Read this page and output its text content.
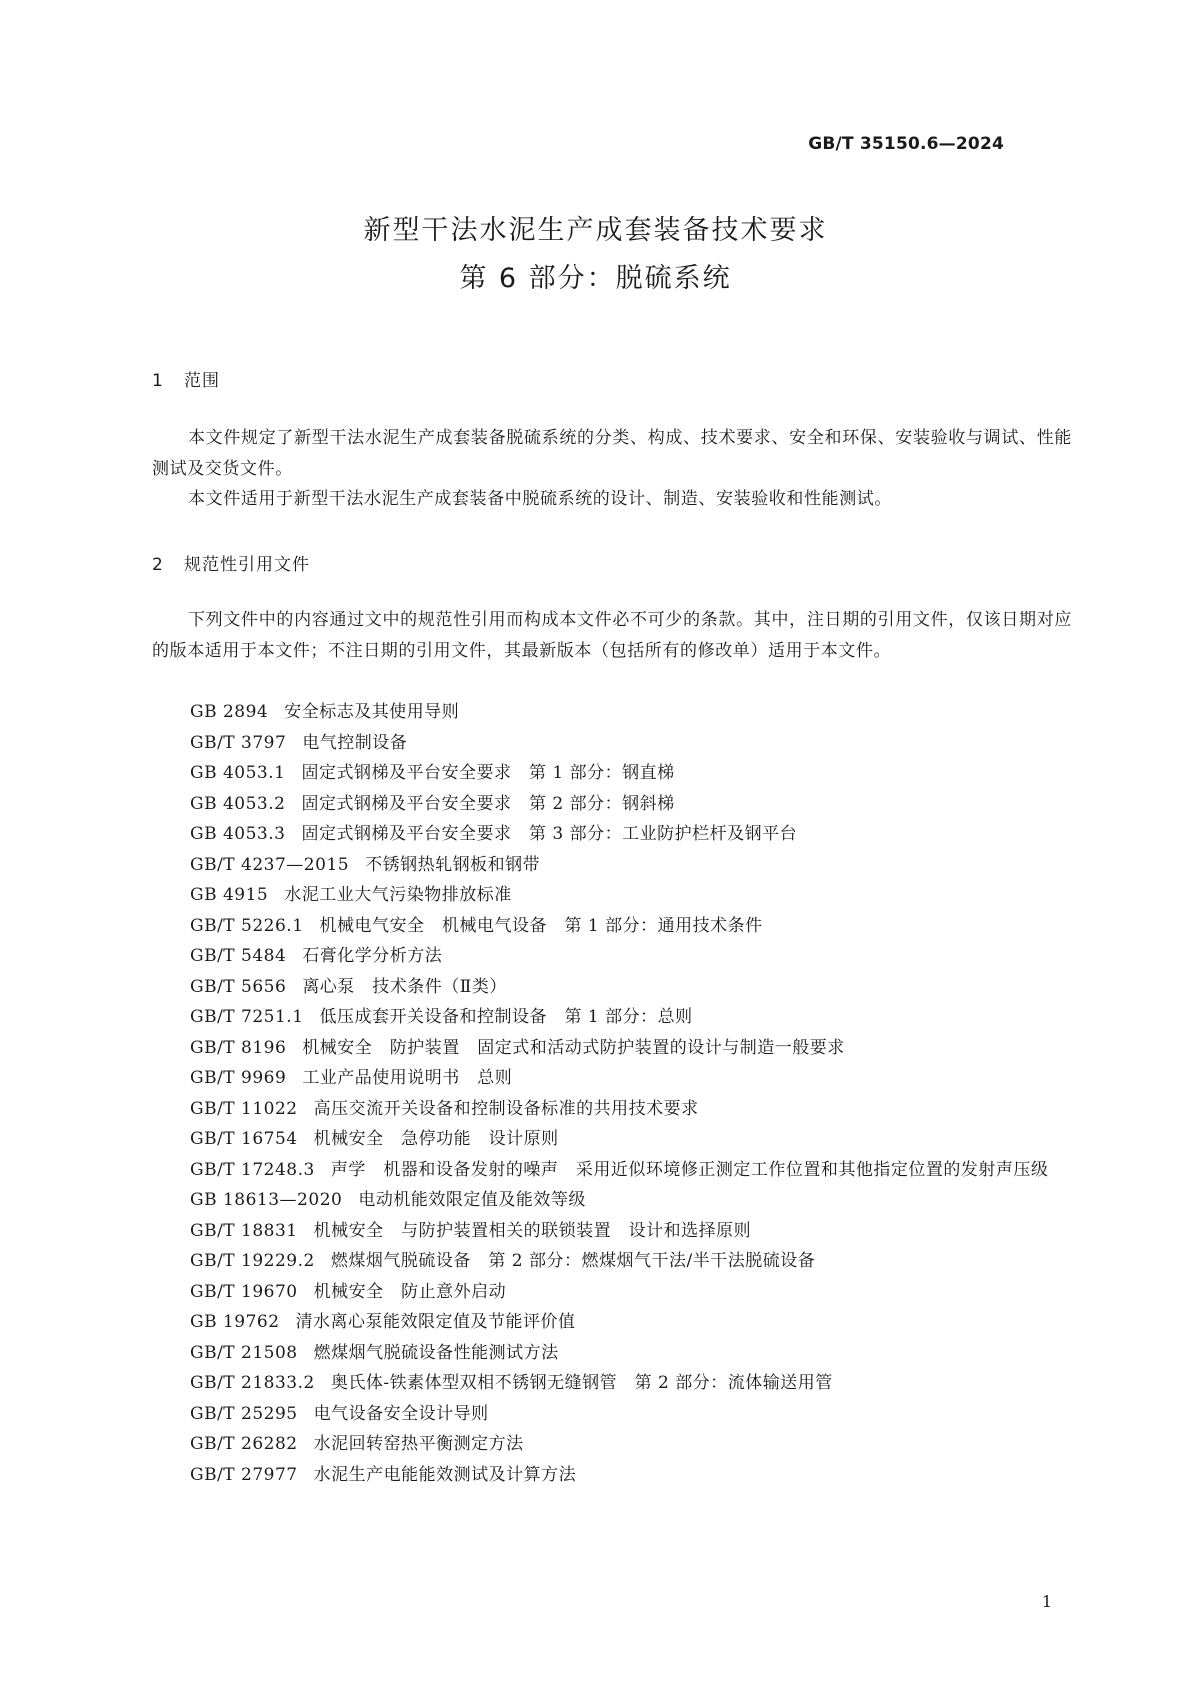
GB/T 35150.6—2024
新型干法水泥生产成套装备技术要求
第 6 部分：脱硫系统
1 范围

本文件规定了新型干法水泥生产成套装备脱硫系统的分类、构成、技术要求、安全和环保、安装验收与调试、性能测试及交货文件。

本文件适用于新型干法水泥生产成套装备中脱硫系统的设计、制造、安装验收和性能测试。

2 规范性引用文件

下列文件中的内容通过文中的规范性引用而构成本文件必不可少的条款。其中，注日期的引用文件，仅该日期对应的版本适用于本文件；不注日期的引用文件，其最新版本（包括所有的修改单）适用于本文件。

GB 2894 安全标志及其使用导则
GB/T 3797 电气控制设备
GB 4053.1 固定式钢梯及平台安全要求　第 1 部分：钢直梯
GB 4053.2 固定式钢梯及平台安全要求　第 2 部分：钢斜梯
GB 4053.3 固定式钢梯及平台安全要求　第 3 部分：工业防护栏杆及钢平台
GB/T 4237—2015 不锈钢热轧钢板和钢带
GB 4915 水泥工业大气污染物排放标准
GB/T 5226.1 机械电气安全　机械电气设备　第 1 部分：通用技术条件
GB/T 5484 石膏化学分析方法
GB/T 5656 离心泵　技术条件（Ⅱ类）
GB/T 7251.1 低压成套开关设备和控制设备　第 1 部分：总则
GB/T 8196 机械安全　防护装置　固定式和活动式防护装置的设计与制造一般要求
GB/T 9969 工业产品使用说明书　总则
GB/T 11022 高压交流开关设备和控制设备标准的共用技术要求
GB/T 16754 机械安全　急停功能　设计原则
GB/T 17248.3 声学　机器和设备发射的噪声　采用近似环境修正测定工作位置和其他指定位置的发射声压级
GB 18613—2020 电动机能效限定值及能效等级
GB/T 18831 机械安全　与防护装置相关的联锁装置　设计和选择原则
GB/T 19229.2 燃煤烟气脱硫设备　第 2 部分：燃煤烟气干法/半干法脱硫设备
GB/T 19670 机械安全　防止意外启动
GB 19762 清水离心泵能效限定值及节能评价值
GB/T 21508 燃煤烟气脱硫设备性能测试方法
GB/T 21833.2 奥氏体-铁素体型双相不锈钢无缝钢管　第 2 部分：流体输送用管
GB/T 25295 电气设备安全设计导则
GB/T 26282 水泥回转窑热平衡测定方法
GB/T 27977 水泥生产电能能效测试及计算方法
1
